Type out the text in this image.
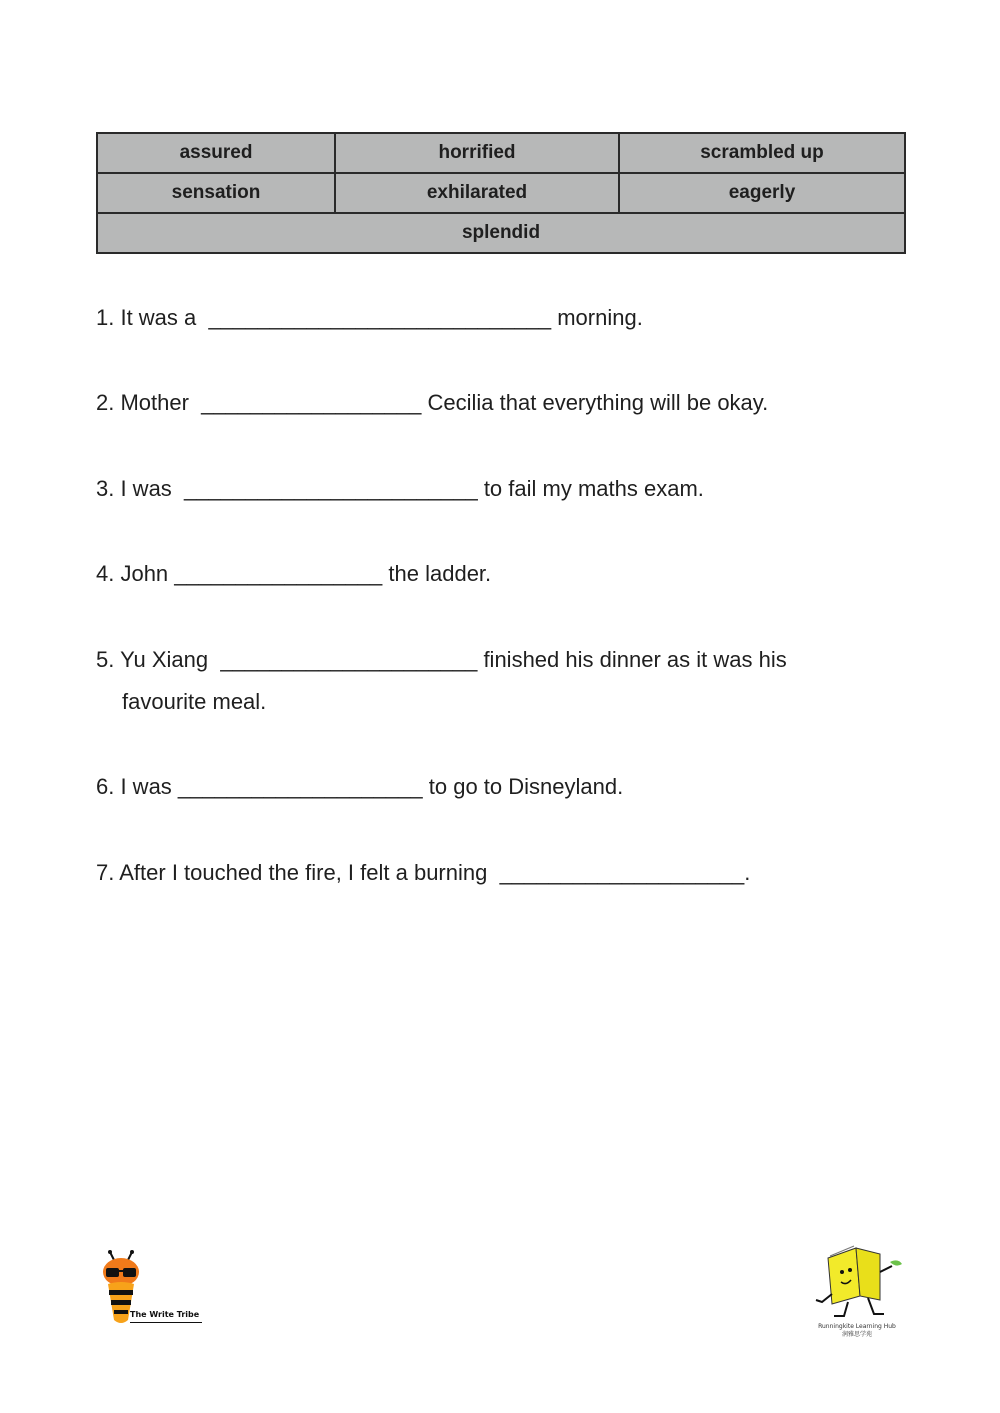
assured	horrified	scrambled up
sensation	exhilarated	eagerly
splendid		
1. It was a  ____________________________ morning.
2. Mother  __________________ Cecilia that everything will be okay.
3. I was  ________________________ to fail my maths exam.
4. John _________________ the ladder.
5. Yu Xiang  _____________________ finished his dinner as it was his
favourite meal.
6. I was ____________________ to go to Disneyland.
7. After I touched the fire, I felt a burning  ____________________.
The Write Tribe
Runningkite Learning Hub
润雅思学苑
